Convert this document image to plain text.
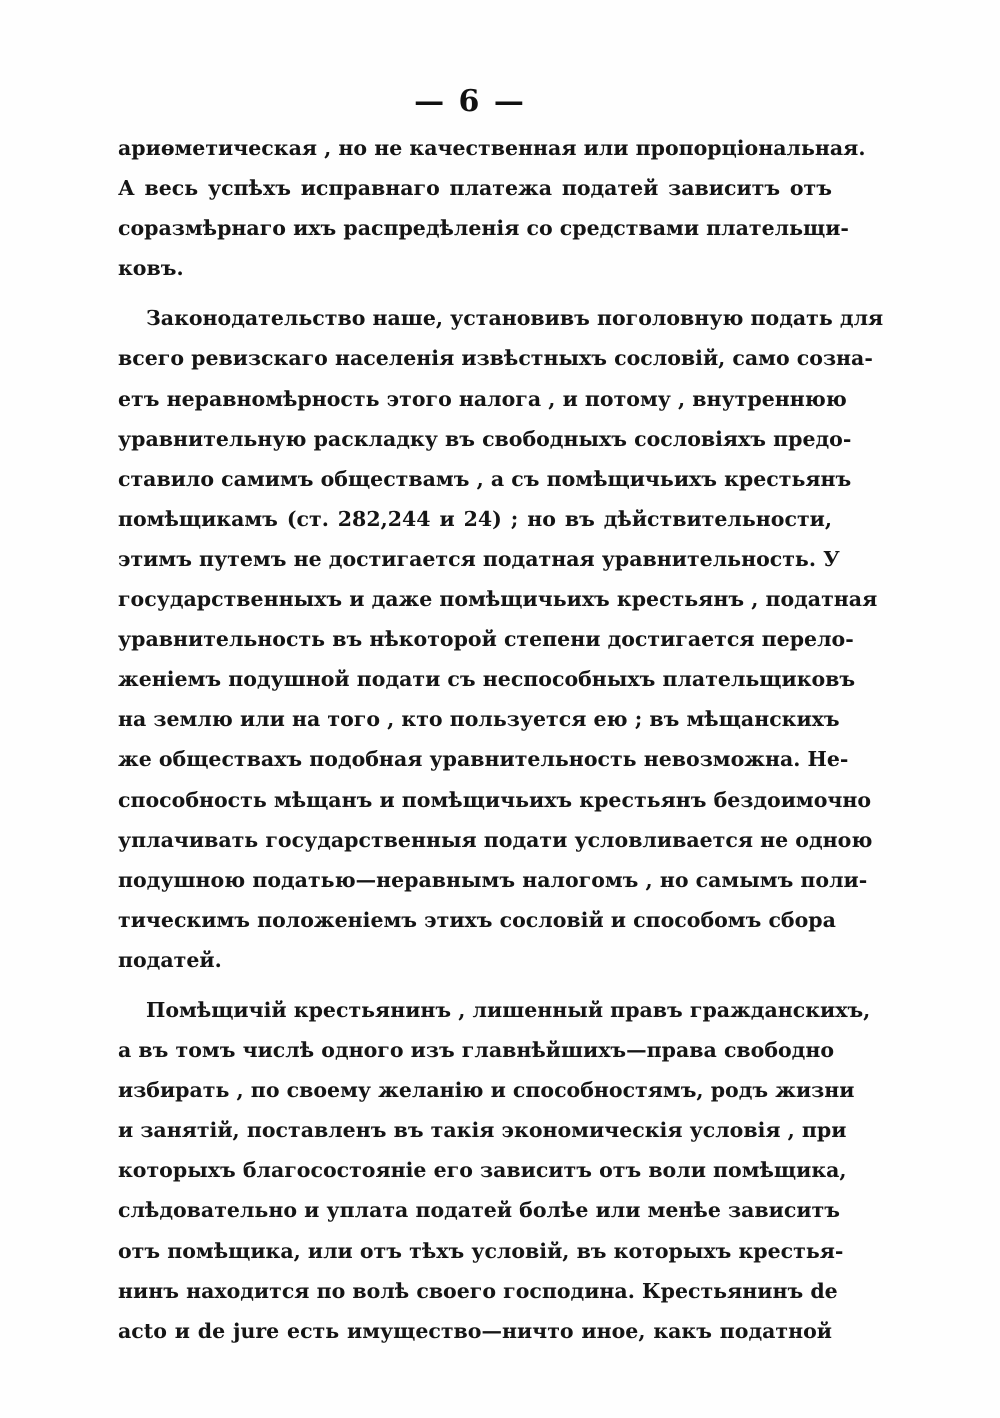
— 6 —
ариөметическая , но не качественная или пропорціональная.
А весь успѣхъ исправнаго платежа податей зависитъ отъ
соразмѣрнаго ихъ распредѣленія со средствами плательщи-
ковъ.
Законодательство наше, установивъ поголовную подать для
всего ревизскаго населенія извѣстныхъ сословій, само созна-
етъ неравномѣрность этого налога , и потому , внутреннюю
уравнительную раскладку въ свободныхъ сословіяхъ предо-
ставило самимъ обществамъ , а съ помѣщичьихъ крестьянъ
помѣщикамъ (ст. 282,244 и 24) ; но въ дѣйствительности,
этимъ путемъ не достигается податная уравнительность. У
государственныхъ и даже помѣщичьихъ крестьянъ , податная
уравнительность въ нѣкоторой степени достигается перело-
женіемъ подушной подати съ неспособныхъ плательщиковъ
на землю или на того , кто пользуется ею ; въ мѣщанскихъ
же обществахъ подобная уравнительность невозможна. Не-
способность мѣщанъ и помѣщичьихъ крестьянъ бездоимочно
уплачивать государственныя подати условливается не одною
подушною податью—неравнымъ налогомъ , но самымъ поли-
тическимъ положеніемъ этихъ сословій и способомъ сбора
податей.
Помѣщичій крестьянинъ , лишенный правъ гражданскихъ,
а въ томъ числѣ одного изъ главнѣйшихъ—права свободно
избирать , по своему желанію и способностямъ, родъ жизни
и занятій, поставленъ въ такія экономическія условія , при
которыхъ благосостояніе его зависитъ отъ воли помѣщика,
слѣдовательно и уплата податей болѣе или менѣе зависитъ
отъ помѣщика, или отъ тѣхъ условій, въ которыхъ крестья-
нинъ находится по волѣ своего господина. Крестьянинъ de
acto и de jure есть имущество—ничто иное, какъ податной
